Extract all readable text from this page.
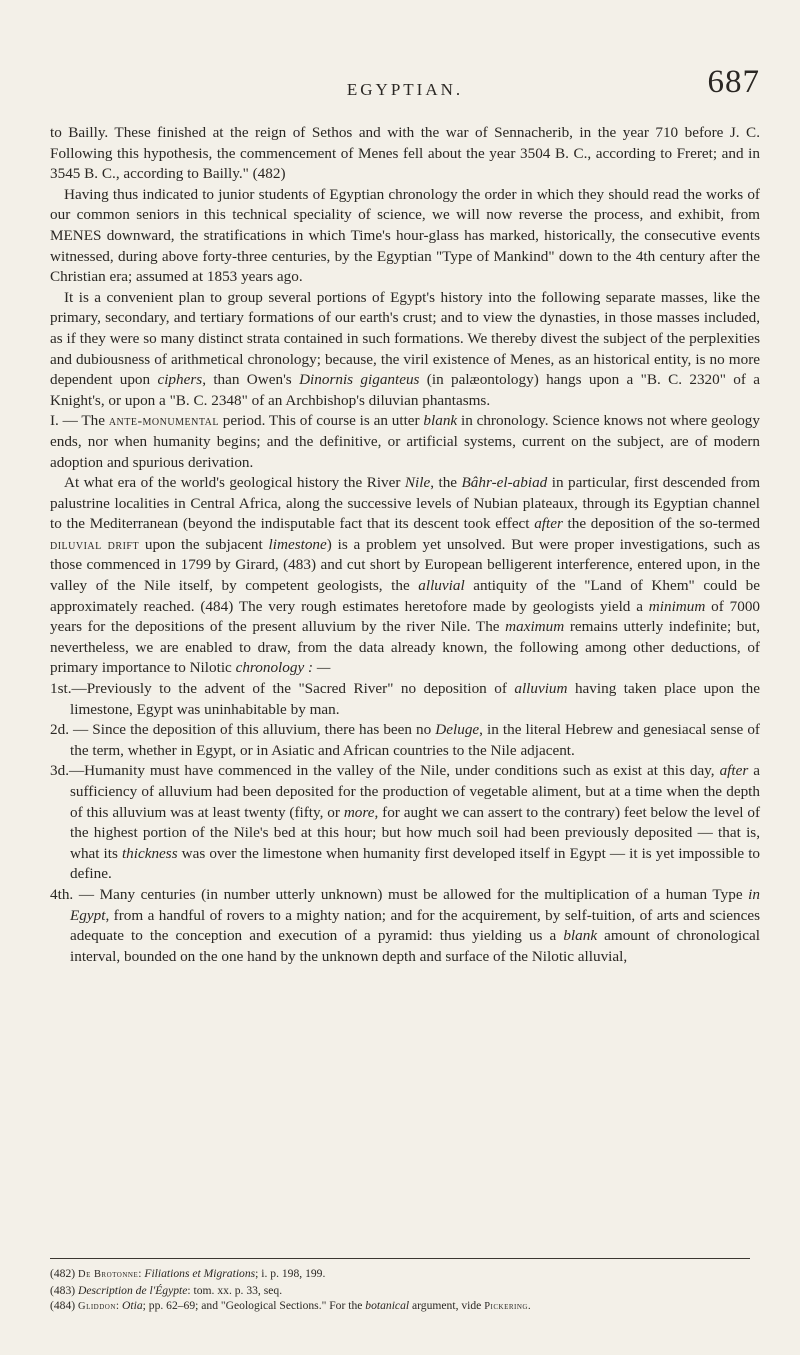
EGYPTIAN.	687

to Bailly. These finished at the reign of Sethos and with the war of Sennacherib, in the year 710 before J. C. Following this hypothesis, the commencement of Menes fell about the year 3504 B. C., according to Freret; and in 3545 B. C., according to Bailly." (482)

Having thus indicated to junior students of Egyptian chronology the order in which they should read the works of our common seniors in this technical speciality of science, we will now reverse the process, and exhibit, from MENES downward, the stratifications in which Time's hour-glass has marked, historically, the consecutive events witnessed, during above forty-three centuries, by the Egyptian "Type of Mankind" down to the 4th century after the Christian era; assumed at 1853 years ago.

It is a convenient plan to group several portions of Egypt's history into the following separate masses, like the primary, secondary, and tertiary formations of our earth's crust; and to view the dynasties, in those masses included, as if they were so many distinct strata contained in such formations. We thereby divest the subject of the perplexities and dubiousness of arithmetical chronology; because, the viril existence of Menes, as an historical entity, is no more dependent upon ciphers, than Owen's Dinornis giganteus (in palæontology) hangs upon a "B. C. 2320" of a Knight's, or upon a "B. C. 2348" of an Archbishop's diluvian phantasms.

I. — The ante-monumental period. This of course is an utter blank in chronology. Science knows not where geology ends, nor when humanity begins; and the definitive, or artificial systems, current on the subject, are of modern adoption and spurious derivation.

At what era of the world's geological history the River Nile, the Bâhr-el-abiad in particular, first descended from palustrine localities in Central Africa, along the successive levels of Nubian plateaux, through its Egyptian channel to the Mediterranean (beyond the indisputable fact that its descent took effect after the deposition of the so-termed diluvial drift upon the subjacent limestone) is a problem yet unsolved. But were proper investigations, such as those commenced in 1799 by Girard, (483) and cut short by European belligerent interference, entered upon, in the valley of the Nile itself, by competent geologists, the alluvial antiquity of the "Land of Khem" could be approximately reached. (484) The very rough estimates heretofore made by geologists yield a minimum of 7000 years for the depositions of the present alluvium by the river Nile. The maximum remains utterly indefinite; but, nevertheless, we are enabled to draw, from the data already known, the following among other deductions, of primary importance to Nilotic chronology : —

1st.—Previously to the advent of the "Sacred River" no deposition of alluvium having taken place upon the limestone, Egypt was uninhabitable by man.

2d. — Since the deposition of this alluvium, there has been no Deluge, in the literal Hebrew and genesiacal sense of the term, whether in Egypt, or in Asiatic and African countries to the Nile adjacent.

3d.—Humanity must have commenced in the valley of the Nile, under conditions such as exist at this day, after a sufficiency of alluvium had been deposited for the production of vegetable aliment, but at a time when the depth of this alluvium was at least twenty (fifty, or more, for aught we can assert to the contrary) feet below the level of the highest portion of the Nile's bed at this hour; but how much soil had been previously deposited — that is, what its thickness was over the limestone when humanity first developed itself in Egypt — it is yet impossible to define.

4th. — Many centuries (in number utterly unknown) must be allowed for the multiplication of a human Type in Egypt, from a handful of rovers to a mighty nation; and for the acquirement, by self-tuition, of arts and sciences adequate to the conception and execution of a pyramid: thus yielding us a blank amount of chronological interval, bounded on the one hand by the unknown depth and surface of the Nilotic alluvial,

(482) De Brotonne: Filiations et Migrations; i. p. 198, 199.

(483) Description de l'Égypte: tom. xx. p. 33, seq.

(484) Gliddon: Otia; pp. 62–69; and "Geological Sections." For the botanical argument, vide Pickering.
